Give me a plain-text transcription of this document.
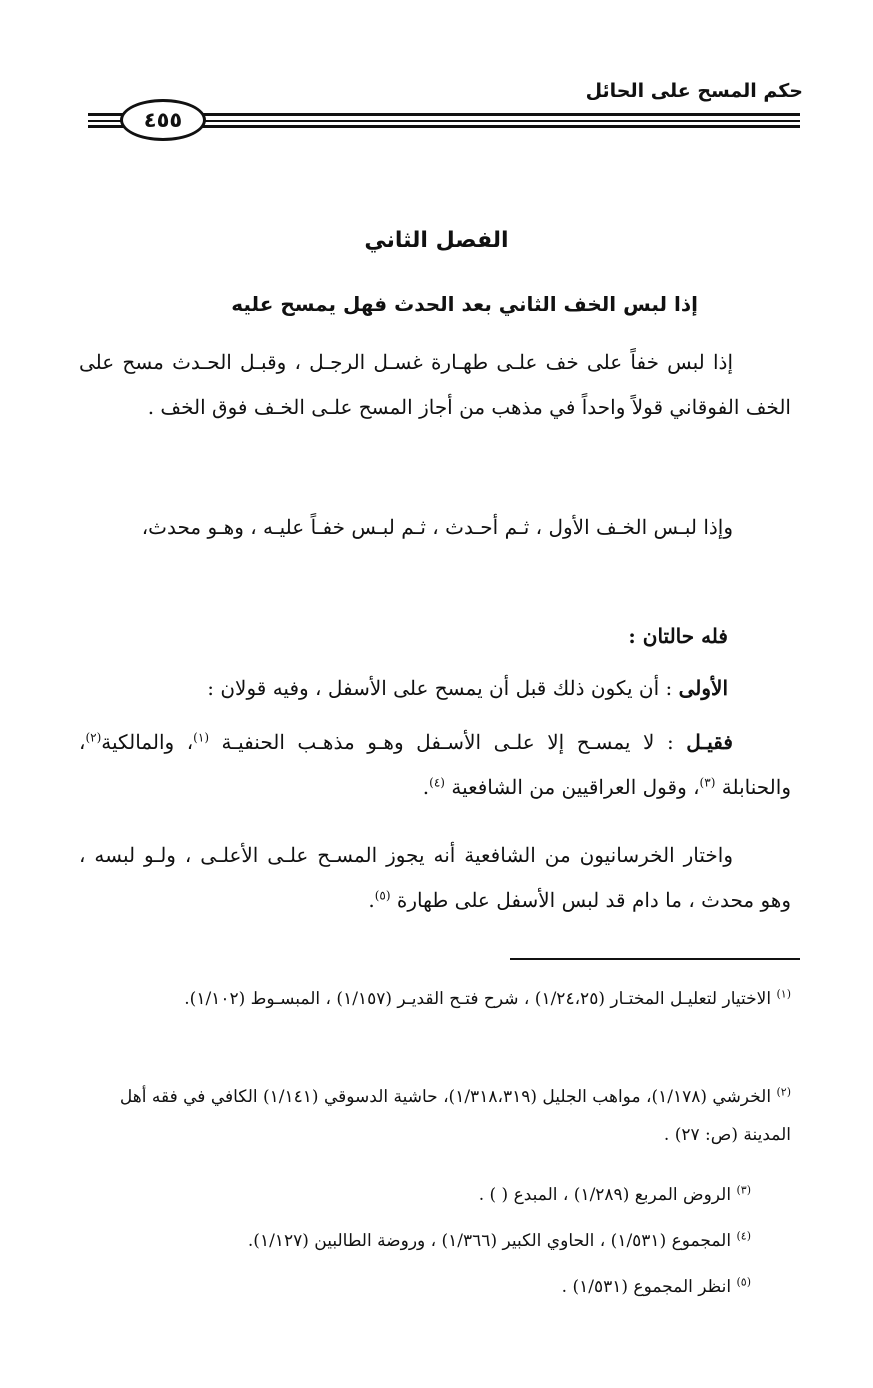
حكم المسح على الحائل
٤٥٥
الفصل الثاني
إذا لبس الخف الثاني بعد الحدث فهل يمسح عليه
إذا لبس خفاً على خف علـى طهـارة غسـل الرجـل ، وقبـل الحـدث مسح على الخف الفوقاني قولاً واحداً في مذهب من أجاز المسح علـى الخـف فوق الخف .
وإذا لبـس الخـف الأول ، ثـم أحـدث ، ثـم لبـس خفـاً عليـه ، وهـو محدث،
فله حالتان :
الأولى : أن يكون ذلك قبل أن يمسح على الأسفل ، وفيه قولان :
فقيـل : لا يمسـح إلا علـى الأسـفل وهـو مذهـب الحنفيـة $^{(١)}$، والمالكية$^{(٢)}$، والحنابلة $^{(٣)}$، وقول العراقيين من الشافعية $^{(٤)}$.
واختار الخرسانيون من الشافعية أنه يجوز المسـح علـى الأعلـى ، ولـو لبسه ، وهو محدث ، ما دام قد لبس الأسفل على طهارة $^{(٥)}$.
$^{(١)}$ الاختيار لتعليـل المختـار (١/٢٤،٢٥) ، شرح فتـح القديـر (١/١٥٧) ، المبسـوط (١/١٠٢).
$^{(٢)}$ الخرشي (١/١٧٨)، مواهب الجليل (١/٣١٨،٣١٩)، حاشية الدسوقي (١/١٤١) الكافي في فقه أهل المدينة (ص: ٢٧) .
$^{(٣)}$ الروض المربع (١/٢٨٩) ، المبدع ( ) .
$^{(٤)}$ المجموع (١/٥٣١) ، الحاوي الكبير (١/٣٦٦) ، وروضة الطالبين (١/١٢٧).
$^{(٥)}$ انظر المجموع (١/٥٣١) .
